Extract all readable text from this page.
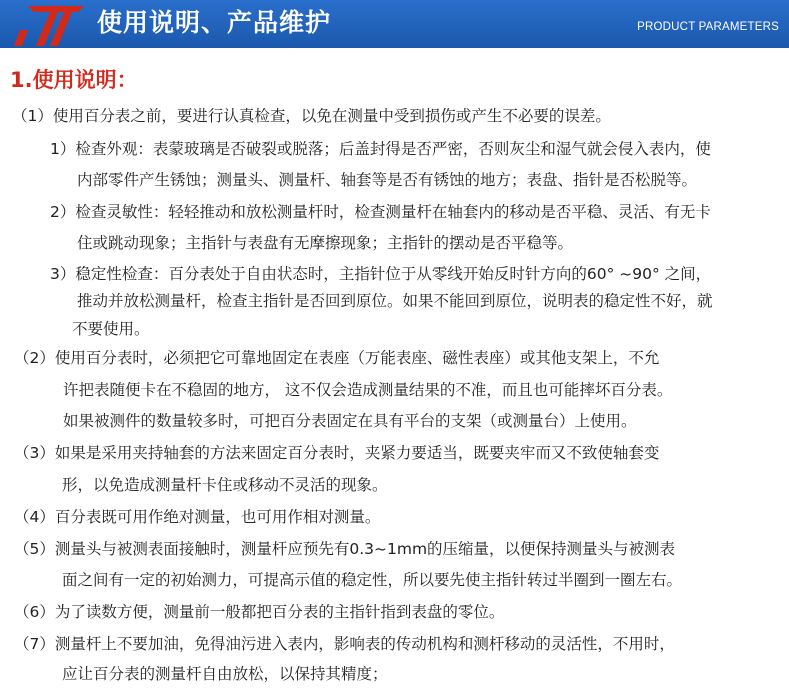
使用说明、产品维护	PRODUCT PARAMETERS
1.使用说明：
（1）使用百分表之前，要进行认真检查，以免在测量中受到损伤或产生不必要的误差。
1）检查外观：表蒙玻璃是否破裂或脱落；后盖封得是否严密，否则灰尘和湿气就会侵入表内，使
内部零件产生锈蚀；测量头、测量杆、轴套等是否有锈蚀的地方；表盘、指针是否松脱等。
2）检查灵敏性：轻轻推动和放松测量杆时，检查测量杆在轴套内的移动是否平稳、灵活、有无卡
住或跳动现象；主指针与表盘有无摩擦现象；主指针的摆动是否平稳等。
3）稳定性检查：百分表处于自由状态时，主指针位于从零线开始反时针方向的60° ~90° 之间，
推动并放松测量杆，检查主指针是否回到原位。如果不能回到原位，说明表的稳定性不好，就
不要使用。
（2）使用百分表时，必须把它可靠地固定在表座（万能表座、磁性表座）或其他支架上，不允
许把表随便卡在不稳固的地方， 这不仅会造成测量结果的不准，而且也可能摔坏百分表。
如果被测件的数量较多时，可把百分表固定在具有平台的支架（或测量台）上使用。
（3）如果是采用夹持轴套的方法来固定百分表时，夹紧力要适当，既要夹牢而又不致使轴套变
形，以免造成测量杆卡住或移动不灵活的现象。
（4）百分表既可用作绝对测量，也可用作相对测量。
（5）测量头与被测表面接触时，测量杆应预先有0.3~1mm的压缩量，以便保持测量头与被测表
面之间有一定的初始测力，可提高示值的稳定性，所以要先使主指针转过半圈到一圈左右。
（6）为了读数方便，测量前一般都把百分表的主指针指到表盘的零位。
（7）测量杆上不要加油，免得油污进入表内，影响表的传动机构和测杆移动的灵活性，不用时，
应让百分表的测量杆自由放松，以保持其精度；
